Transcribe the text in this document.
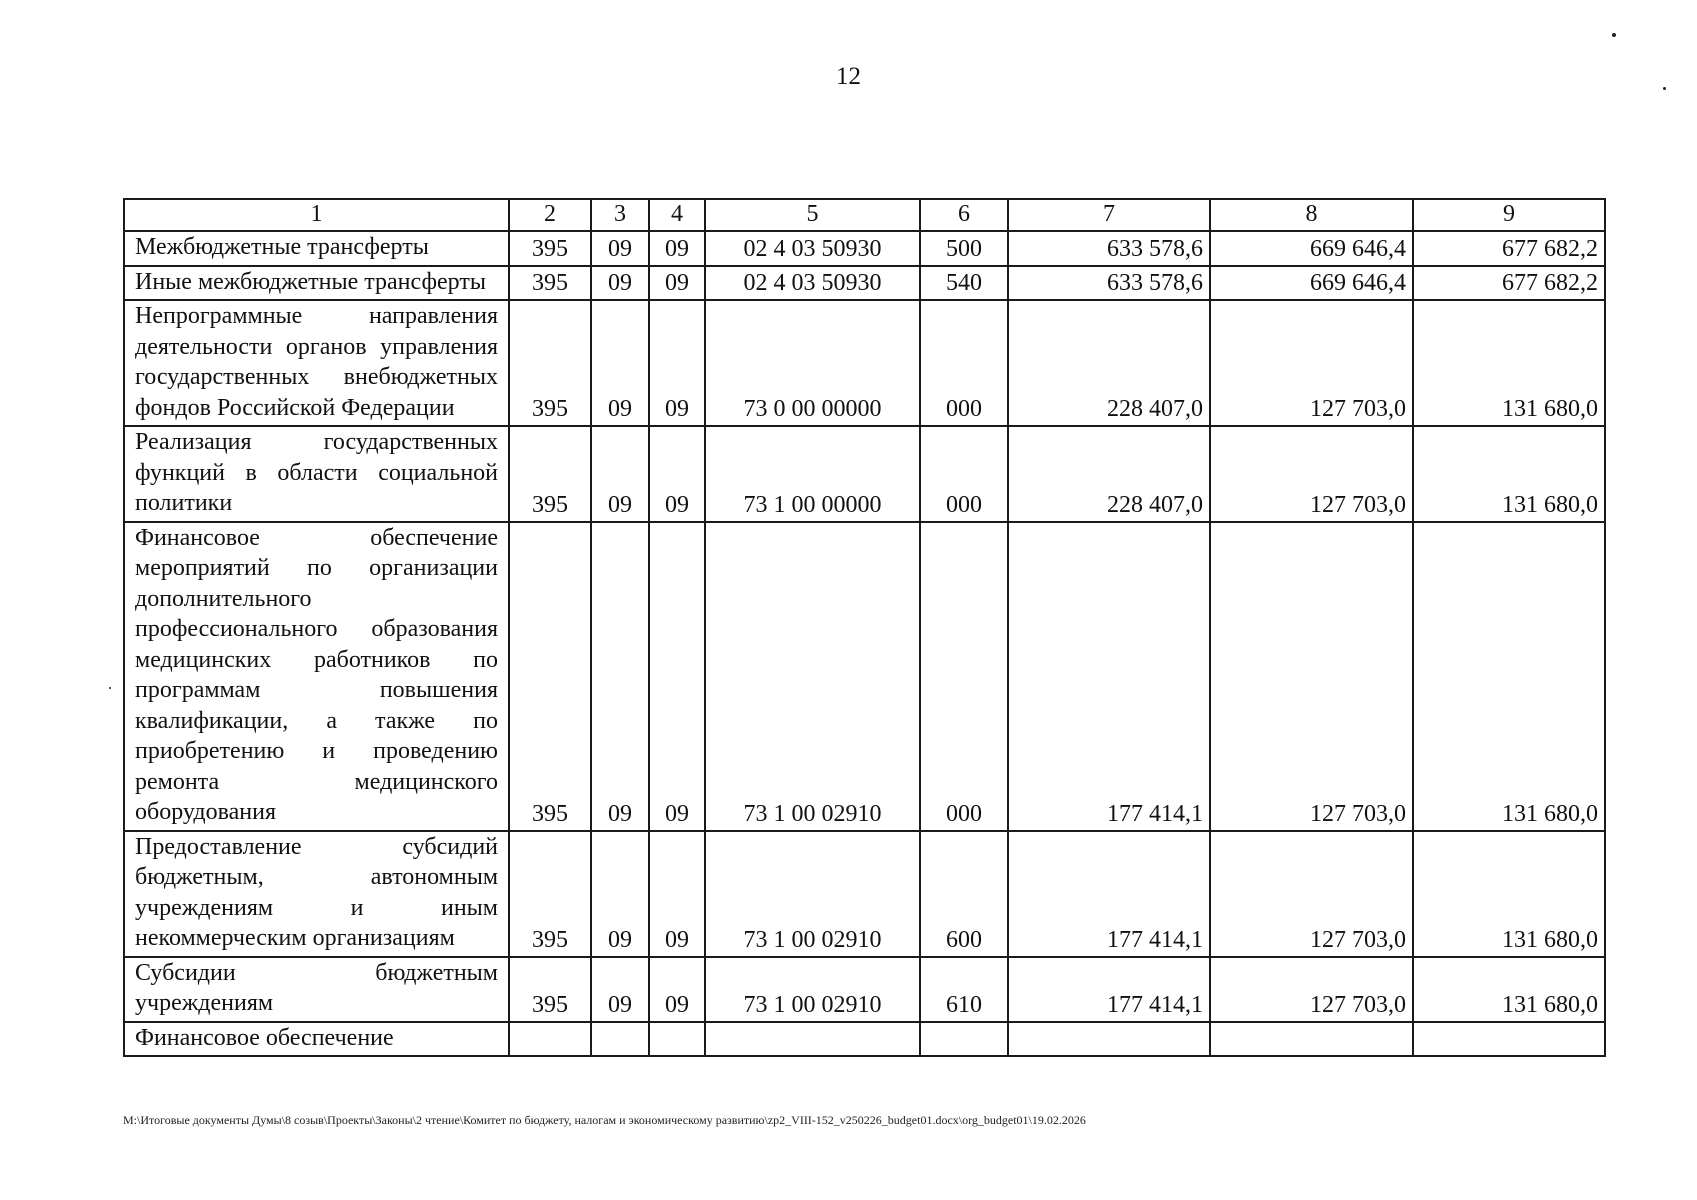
12
1	2	3	4	5	6	7	8	9
Межбюджетные трансферты	395	09	09	02 4 03 50930	500	633 578,6	669 646,4	677 682,2
Иные межбюджетные трансферты	395	09	09	02 4 03 50930	540	633 578,6	669 646,4	677 682,2
Непрограммные направления деятельности органов управления государственных внебюджетных фондов Российской Федерации	395	09	09	73 0 00 00000	000	228 407,0	127 703,0	131 680,0
Реализация государственных функций в области социальной политики	395	09	09	73 1 00 00000	000	228 407,0	127 703,0	131 680,0
Финансовое обеспечение мероприятий по организации дополнительного профессионального образования медицинских работников по программам повышения квалификации, а также по приобретению и проведению ремонта медицинского оборудования	395	09	09	73 1 00 02910	000	177 414,1	127 703,0	131 680,0
Предоставление субсидий бюджетным, автономным учреждениям и иным некоммерческим организациям	395	09	09	73 1 00 02910	600	177 414,1	127 703,0	131 680,0
Субсидии бюджетным учреждениям	395	09	09	73 1 00 02910	610	177 414,1	127 703,0	131 680,0
Финансовое обеспечение								
М:\Итоговые документы Думы\8 созыв\Проекты\Законы\2 чтение\Комитет по бюджету, налогам и экономическому развитию\zp2_VIII-152_v250226_budget01.docx\org_budget01\19.02.2026
